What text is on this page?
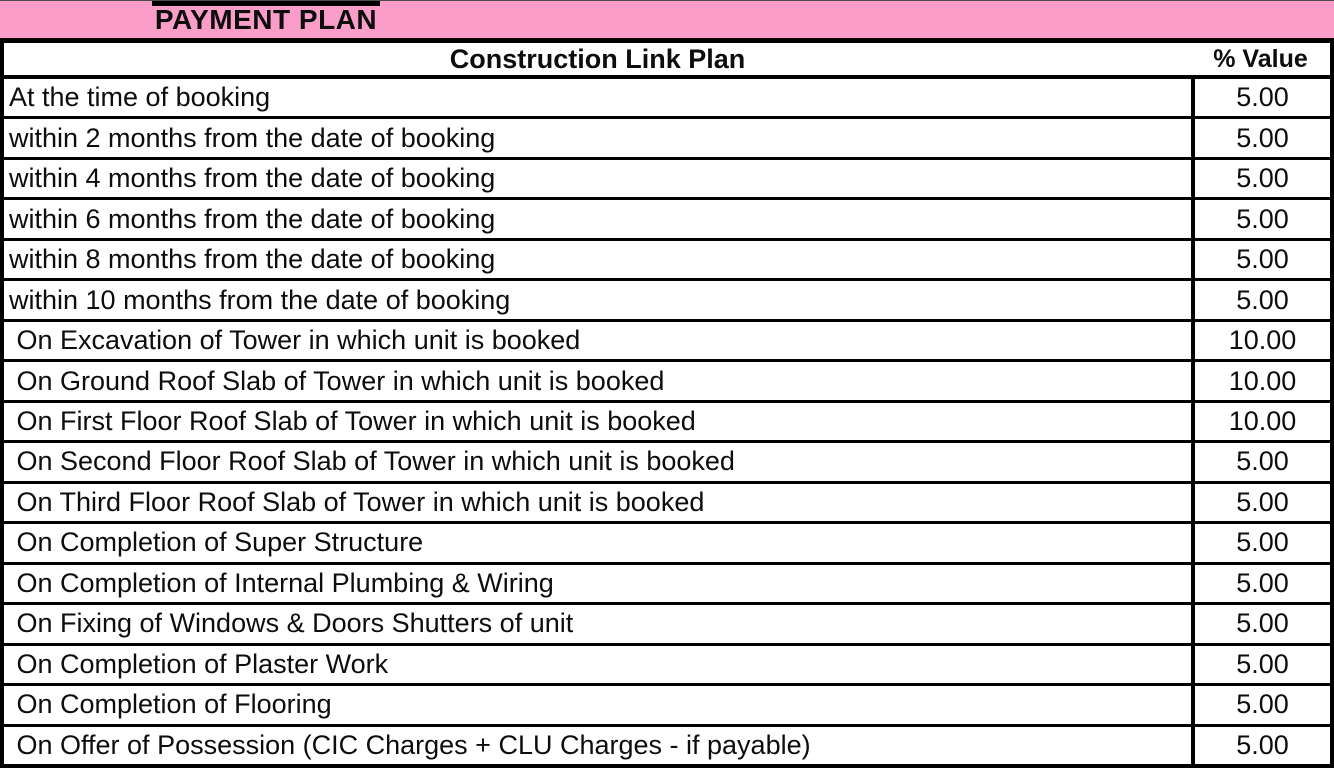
PAYMENT PLAN
Construction Link Plan	% Value
At the time of booking	5.00
within 2 months from the date of booking	5.00
within 4 months from the date of booking	5.00
within 6 months from the date of booking	5.00
within 8 months from the date of booking	5.00
within 10 months from the date of booking	5.00
On Excavation of Tower in which unit is booked	10.00
On Ground Roof Slab of Tower in which unit is booked	10.00
On First Floor Roof Slab of Tower in which unit is booked	10.00
On Second Floor Roof Slab of Tower in which unit is booked	5.00
On Third Floor Roof Slab of Tower in which unit is booked	5.00
On Completion of Super Structure	5.00
On Completion of Internal Plumbing & Wiring	5.00
On Fixing of Windows & Doors Shutters of unit	5.00
On Completion of Plaster Work	5.00
On Completion of Flooring	5.00
On Offer of Possession (CIC Charges + CLU Charges - if payable)	5.00
